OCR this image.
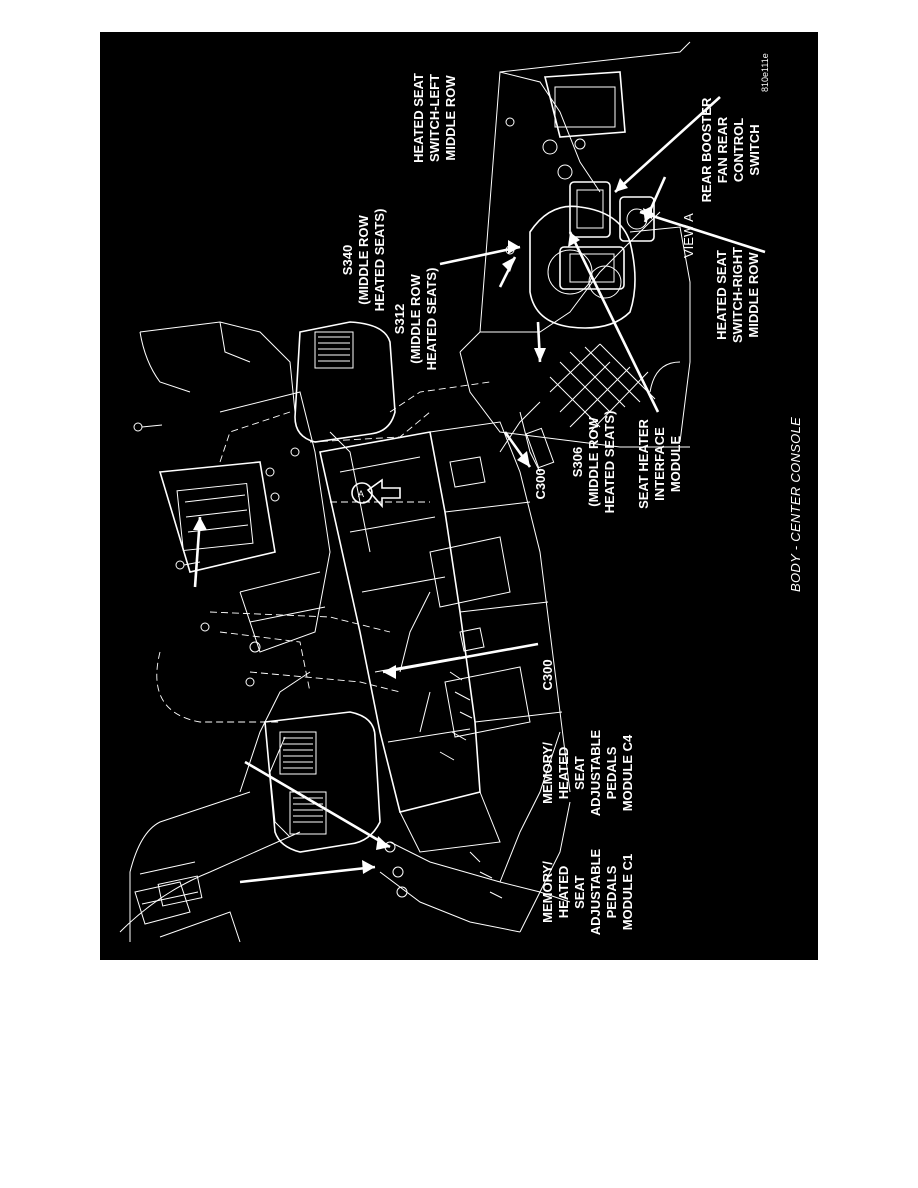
A
MEMORY/ HEATED SEAT ADJUSTABLE PEDALS MODULE C1
MEMORY/ HEATED SEAT ADJUSTABLE PEDALS MODULE C4
C300
C300
S306 (MIDDLE ROW HEATED SEATS) SEAT HEATER INTERFACE MODULE
S312 (MIDDLE ROW HEATED SEATS)
S340 (MIDDLE ROW HEATED SEATS)
HEATED SEAT SWITCH-LEFT MIDDLE ROW	REAR BOOSTER FAN REAR CONTROL SWITCH
HEATED SEAT SWITCH-RIGHT MIDDLE ROW
BODY - CENTER CONSOLE
810e111e
VIEW A
